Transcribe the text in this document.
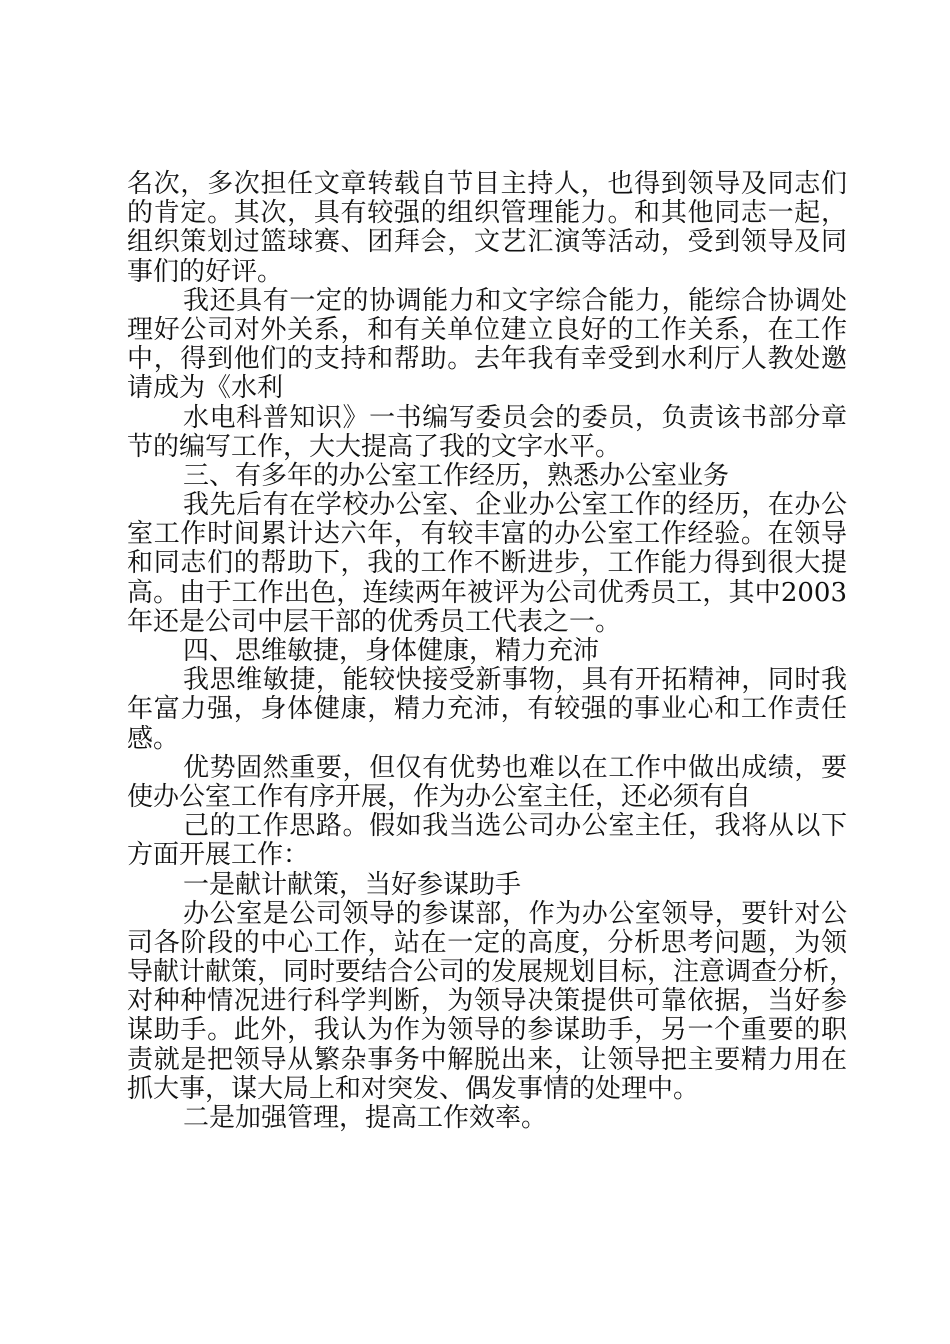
名次，多次担任文章转载自节目主持人，也得到领导及同志们
的肯定。其次，具有较强的组织管理能力。和其他同志一起，
组织策划过篮球赛、团拜会，文艺汇演等活动，受到领导及同
事们的好评。
我还具有一定的协调能力和文字综合能力，能综合协调处
理好公司对外关系，和有关单位建立良好的工作关系，在工作
中，得到他们的支持和帮助。去年我有幸受到水利厅人教处邀
请成为《水利
水电科普知识》一书编写委员会的委员，负责该书部分章
节的编写工作，大大提高了我的文字水平。
三、有多年的办公室工作经历，熟悉办公室业务
我先后有在学校办公室、企业办公室工作的经历，在办公
室工作时间累计达六年，有较丰富的办公室工作经验。在领导
和同志们的帮助下，我的工作不断进步，工作能力得到很大提
高。由于工作出色，连续两年被评为公司优秀员工，其中2003
年还是公司中层干部的优秀员工代表之一。
四、思维敏捷，身体健康，精力充沛
我思维敏捷，能较快接受新事物，具有开拓精神，同时我
年富力强，身体健康，精力充沛，有较强的事业心和工作责任
感。
优势固然重要，但仅有优势也难以在工作中做出成绩，要
使办公室工作有序开展，作为办公室主任，还必须有自
己的工作思路。假如我当选公司办公室主任，我将从以下
方面开展工作：
一是献计献策，当好参谋助手
办公室是公司领导的参谋部，作为办公室领导，要针对公
司各阶段的中心工作，站在一定的高度，分析思考问题，为领
导献计献策，同时要结合公司的发展规划目标，注意调查分析，
对种种情况进行科学判断，为领导决策提供可靠依据，当好参
谋助手。此外，我认为作为领导的参谋助手，另一个重要的职
责就是把领导从繁杂事务中解脱出来，让领导把主要精力用在
抓大事，谋大局上和对突发、偶发事情的处理中。
二是加强管理，提高工作效率。
